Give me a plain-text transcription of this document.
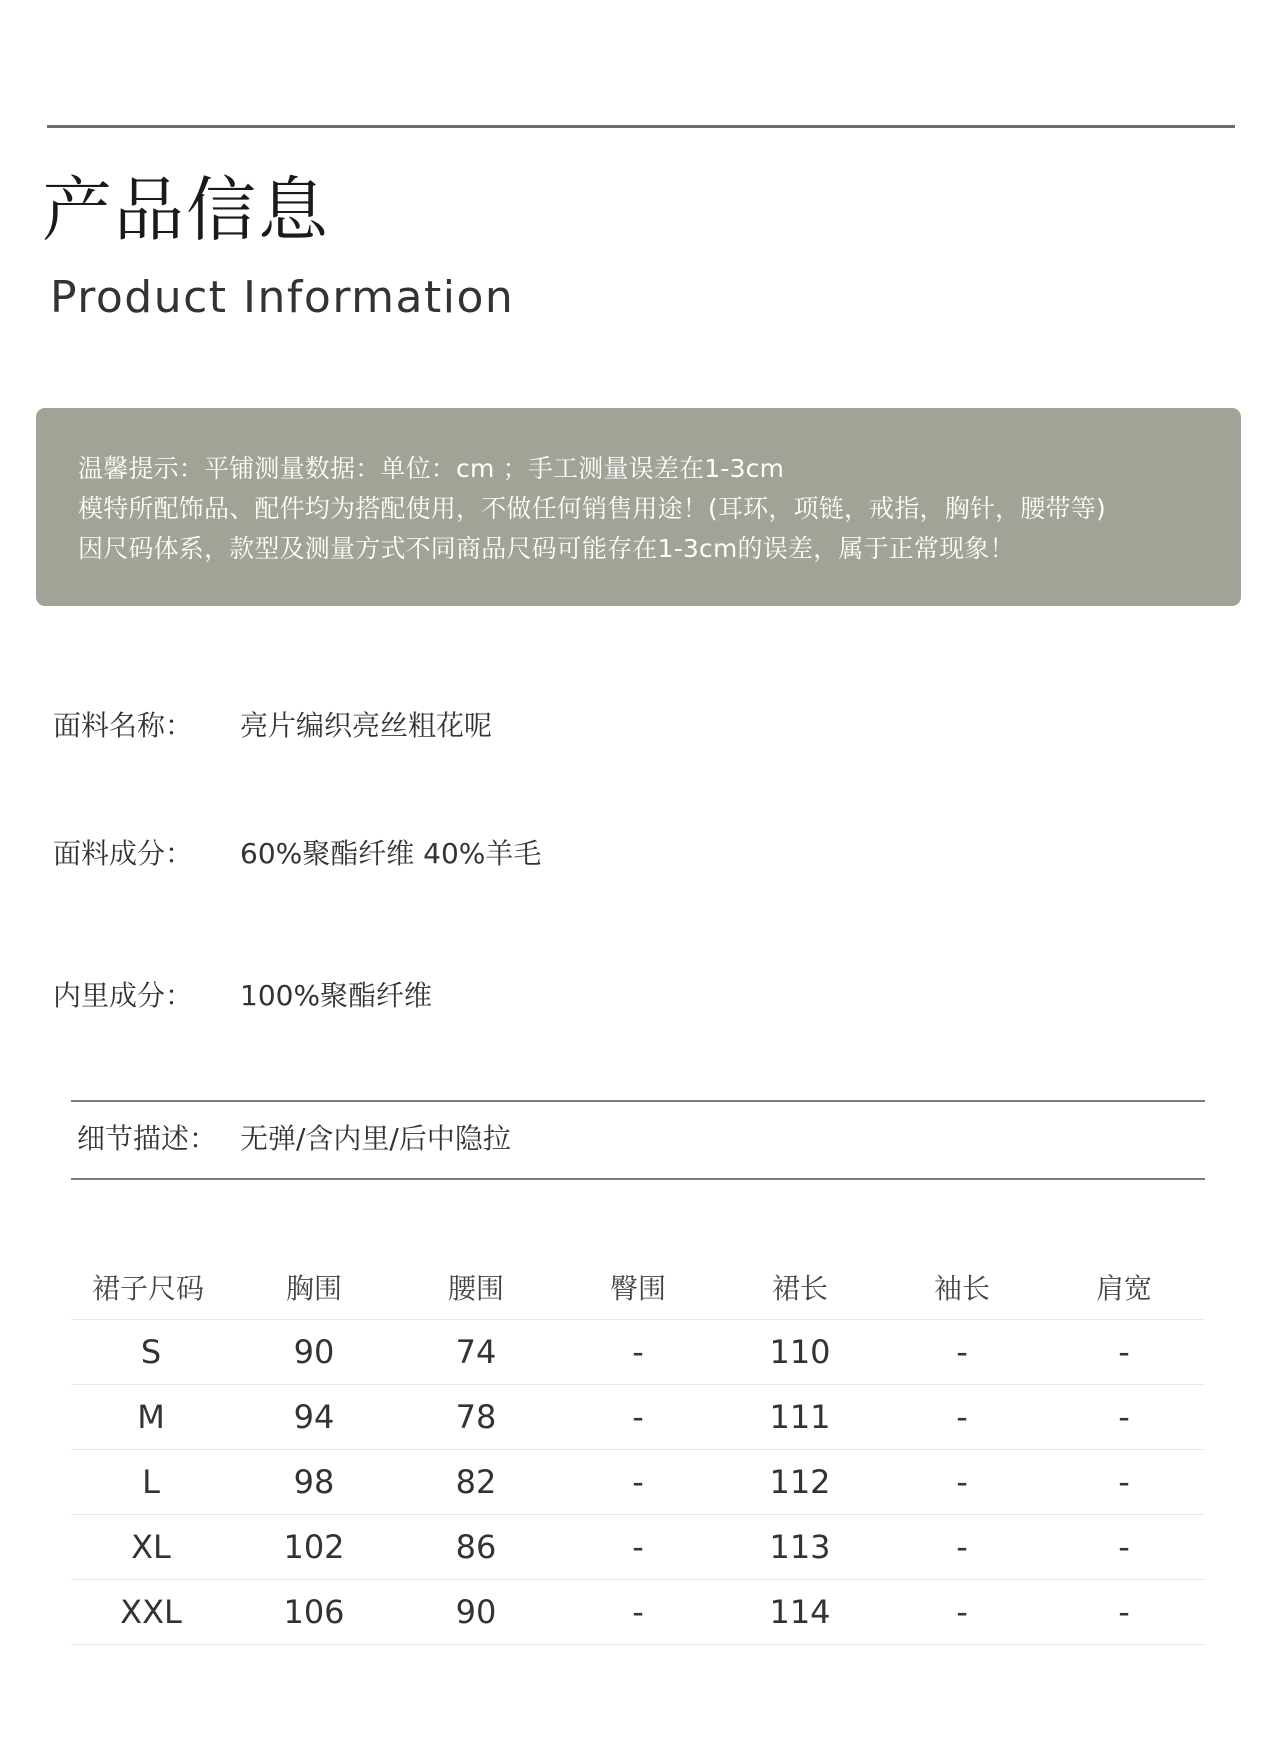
产品信息
Product Information
温馨提示：平铺测量数据：单位：cm ；手工测量误差在1-3cm
模特所配饰品、配件均为搭配使用，不做任何销售用途！(耳环，项链，戒指，胸针，腰带等)
因尺码体系，款型及测量方式不同商品尺码可能存在1-3cm的误差，属于正常现象！
面料名称： 亮片编织亮丝粗花呢
面料成分： 60%聚酯纤维 40%羊毛
内里成分： 100%聚酯纤维
细节描述： 无弹/含内里/后中隐拉
裙子尺码	胸围	腰围	臀围	裙长	袖长	肩宽
S	90	74	-	110	-	-
M	94	78	-	111	-	-
L	98	82	-	112	-	-
XL	102	86	-	113	-	-
XXL	106	90	-	114	-	-
